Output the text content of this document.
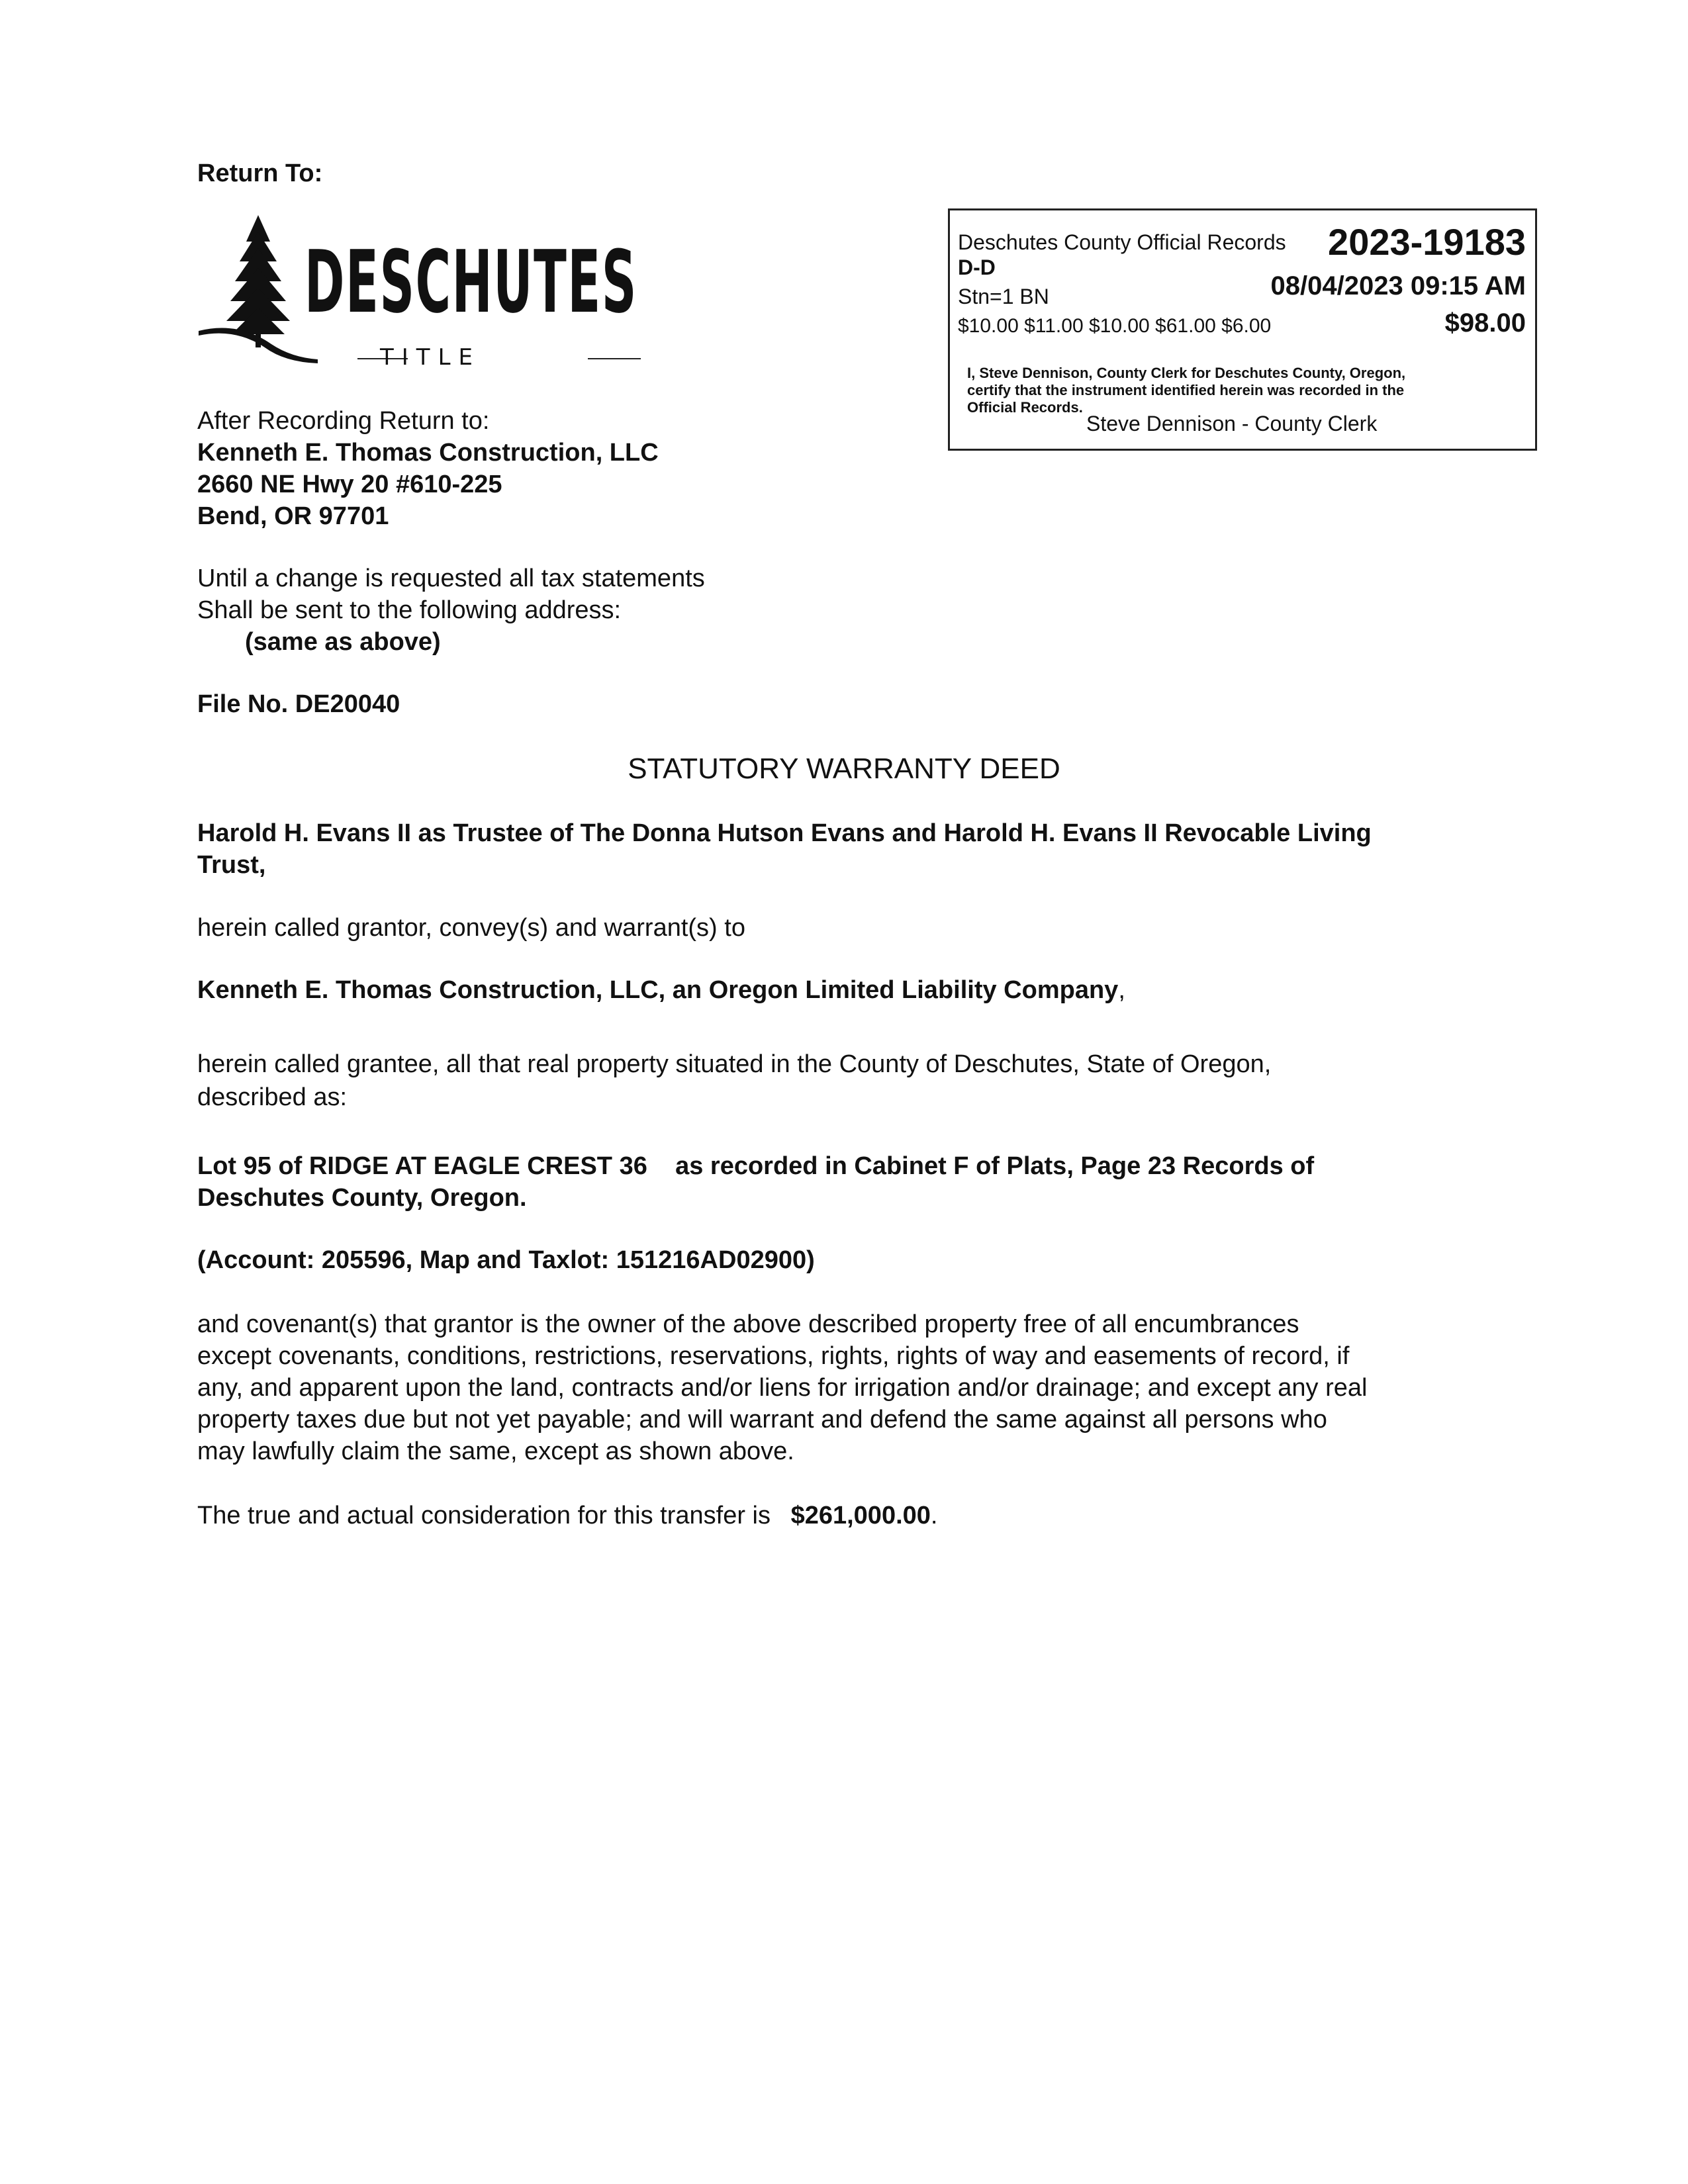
Return To:
DESCHUTES
TITLE
Deschutes County Official Records 2023-19183
D-D
Stn=1 BN	08/04/2023 09:15 AM
$10.00 $11.00 $10.00 $61.00 $6.00	$98.00
I, Steve Dennison, County Clerk for Deschutes County, Oregon,
certify that the instrument identified herein was recorded in the
Official Records.
Steve Dennison - County Clerk
After Recording Return to:
Kenneth E. Thomas Construction, LLC
2660 NE Hwy 20 #610-225
Bend, OR 97701
Until a change is requested all tax statements
Shall be sent to the following address:
(same as above)
File No. DE20040
STATUTORY WARRANTY DEED
Harold H. Evans II as Trustee of The Donna Hutson Evans and Harold H. Evans II Revocable Living
Trust,
herein called grantor, convey(s) and warrant(s) to
Kenneth E. Thomas Construction, LLC, an Oregon Limited Liability Company,
herein called grantee, all that real property situated in the County of Deschutes, State of Oregon,
described as:
Lot 95 of RIDGE AT EAGLE CREST 36    as recorded in Cabinet F of Plats, Page 23 Records of
Deschutes County, Oregon.
(Account: 205596, Map and Taxlot: 151216AD02900)
and covenant(s) that grantor is the owner of the above described property free of all encumbrances
except covenants, conditions, restrictions, reservations, rights, rights of way and easements of record, if
any, and apparent upon the land, contracts and/or liens for irrigation and/or drainage; and except any real
property taxes due but not yet payable; and will warrant and defend the same against all persons who
may lawfully claim the same, except as shown above.
The true and actual consideration for this transfer is $261,000.00.
